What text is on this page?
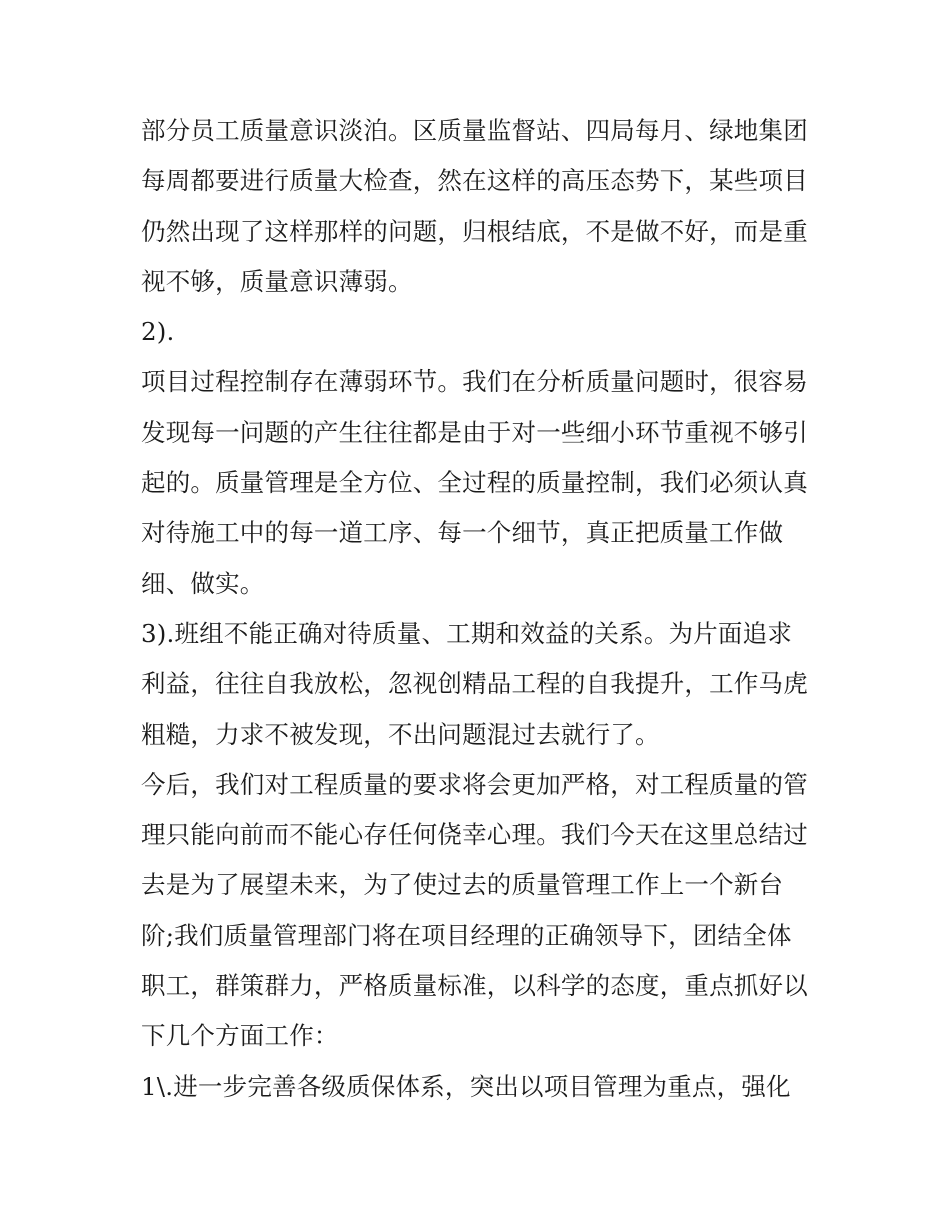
部分员工质量意识淡泊。区质量监督站、四局每月、绿地集团
每周都要进行质量大检查，然在这样的高压态势下，某些项目
仍然出现了这样那样的问题，归根结底，不是做不好，而是重
视不够，质量意识薄弱。
2).
项目过程控制存在薄弱环节。我们在分析质量问题时，很容易
发现每一问题的产生往往都是由于对一些细小环节重视不够引
起的。质量管理是全方位、全过程的质量控制，我们必须认真
对待施工中的每一道工序、每一个细节，真正把质量工作做
细、做实。
3).班组不能正确对待质量、工期和效益的关系。为片面追求
利益，往往自我放松，忽视创精品工程的自我提升，工作马虎
粗糙，力求不被发现，不出问题混过去就行了。
今后，我们对工程质量的要求将会更加严格，对工程质量的管
理只能向前而不能心存任何侥幸心理。我们今天在这里总结过
去是为了展望未来，为了使过去的质量管理工作上一个新台
阶;我们质量管理部门将在项目经理的正确领导下，团结全体
职工，群策群力，严格质量标准，以科学的态度，重点抓好以
下几个方面工作：
1\.进一步完善各级质保体系，突出以项目管理为重点，强化
